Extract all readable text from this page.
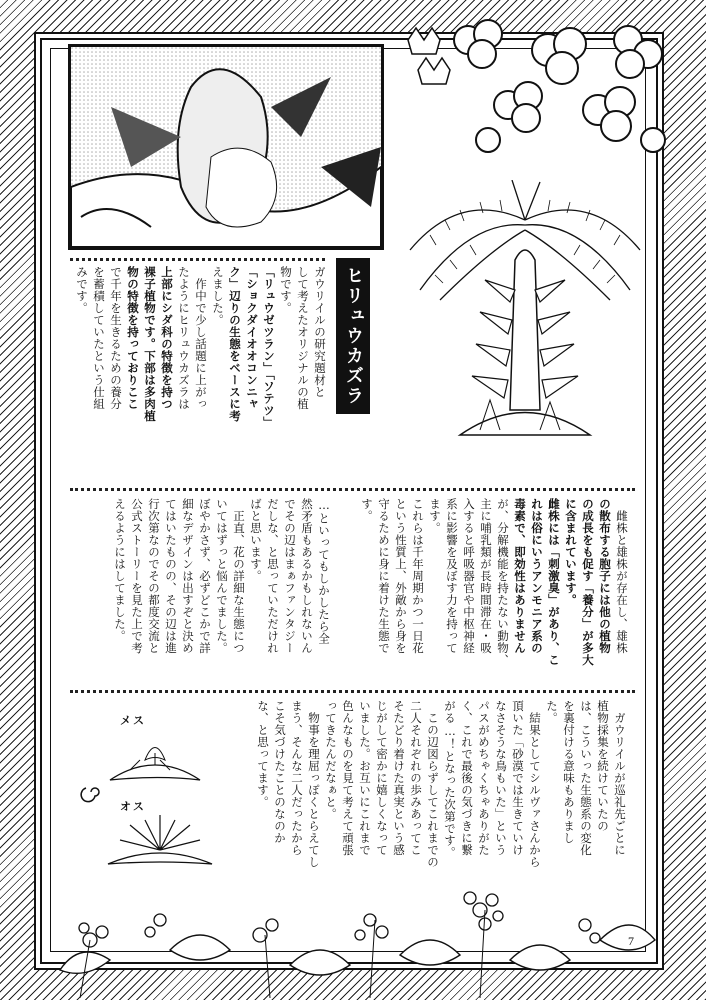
ヒリュウカズラ
ガウリイルの研究題材と
して考えたオリジナルの植
物です。
「リュウゼツラン」「ソテツ」
「ショクダイオオコンニャ
ク」辺りの生態をベースに考
えました。
　作中で少し話題に上がっ
たようにヒリュウカズラは
上部にシダ科の特徴を持つ
裸子植物です。下部は多肉植
物の特徴を持っておりここ
で千年を生きるための養分
を蓄積していたという仕組
みです。
　雌株と雄株が存在し、雄株
の散布する胞子には他の植物
の成長をも促す「養分」が多大
に含まれています。
雌株には「刺激臭」があり、こ
れは俗にいうアンモニア系の
毒素で、即効性はありません
が、分解機能を持たない動物、
主に哺乳類が長時間滞在・吸
入すると呼吸器官や中枢神経
系に影響を及ぼす力を持って
ます。
これらは千年周期かつ一日花
という性質上、外敵から身を
守るために身に着けた生態で
す。
…といってもしかしたら全
然矛盾もあるかもしれないん
でその辺はまぁファンタジー
だしな、と思っていただけれ
ばと思います。
　正直、花の詳細な生態につ
いてはずっと悩んでました。
ぼやかさず、必ずどこかで詳
細なデザインは出すぞと決め
てはいたものの、その辺は進
行次第なのでその都度交流と
公式ストーリーを見た上で考
えるようにはしてました。
　ガウリイルが巡礼先ごとに
植物採集を続けていたの
は、こういった生態系の変化
を裏付ける意味もありまし
た。
　結果としてシルヴァさんから
頂いた「砂漠では生きていけ
なさそうな鳥もいた」という
パスがめちゃくちゃありがた
く、これで最後の気づきに繋
がる…！となった次第です。
　この辺図らずしてこれまでの
二人それぞれの歩みあってこ
そたどり着けた真実という感
じがして密かに嬉しくなって
いました。お互いにこれまで
色んなものを見て考えて頑張
ってきたんだなぁと。
　物事を理屈っぽくとらえてし
まう、そんな二人だったから
こそ気づけたことのなのか
な、と思ってます。
メス
オス
7
